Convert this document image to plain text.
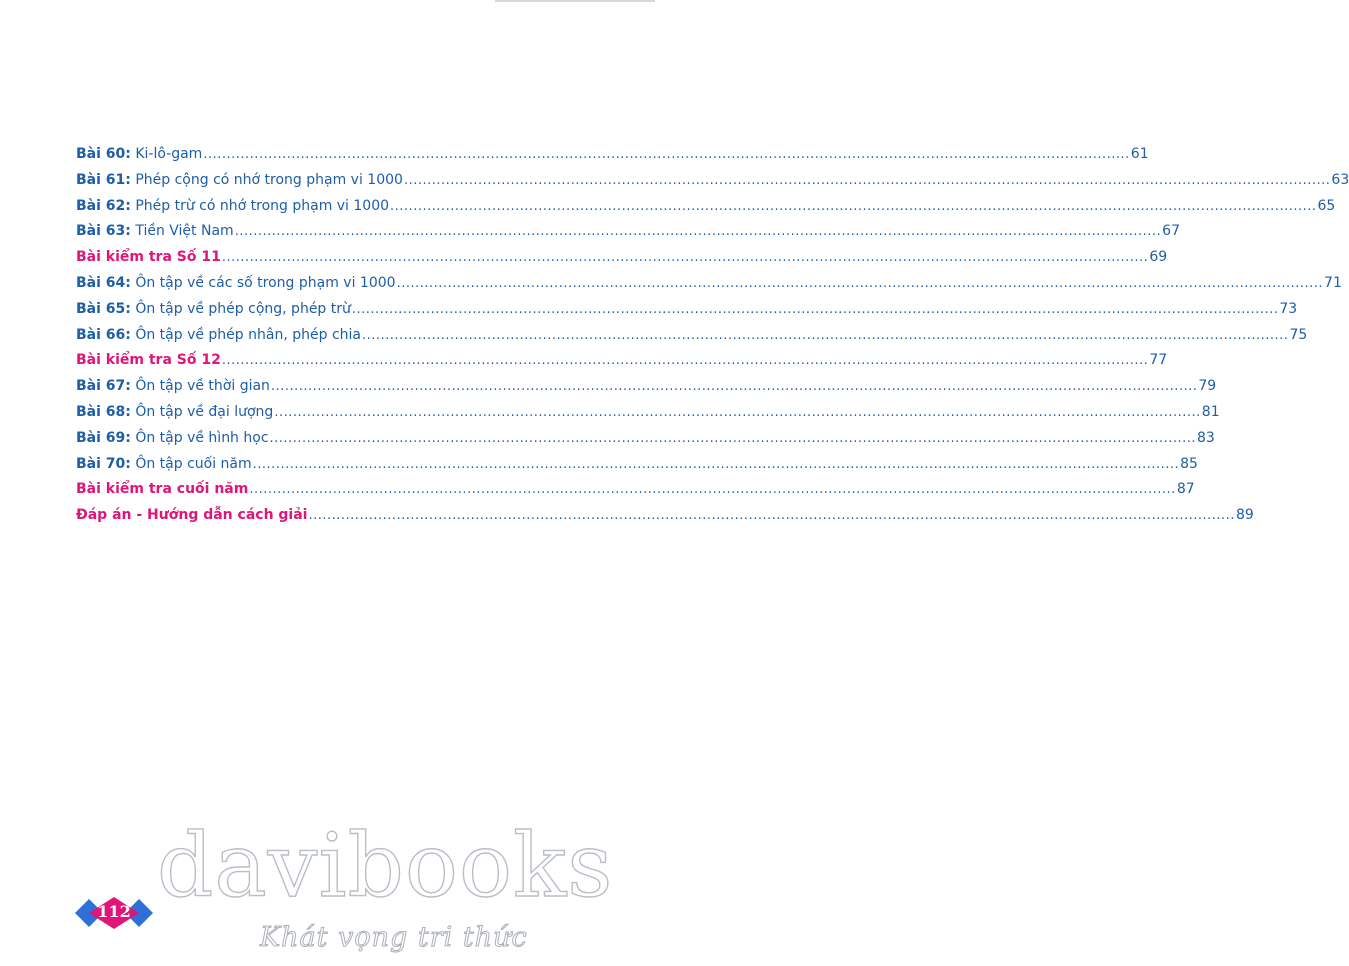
Bài 60: Ki-lô-gam ........................................................................................................................................................................................................ 61
Bài 61: Phép cộng có nhớ trong phạm vi 1000 ........................................................................................................................................................................................................ 63
Bài 62: Phép trừ có nhớ trong phạm vi 1000 ........................................................................................................................................................................................................ 65
Bài 63: Tiền Việt Nam ........................................................................................................................................................................................................ 67
Bài kiểm tra Số 11 ........................................................................................................................................................................................................ 69
Bài 64: Ôn tập về các số trong phạm vi 1000 ........................................................................................................................................................................................................ 71
Bài 65: Ôn tập về phép cộng, phép trừ ........................................................................................................................................................................................................ 73
Bài 66: Ôn tập về phép nhân, phép chia ........................................................................................................................................................................................................ 75
Bài kiểm tra Số 12 ........................................................................................................................................................................................................ 77
Bài 67: Ôn tập về thời gian ........................................................................................................................................................................................................ 79
Bài 68: Ôn tập về đại lượng ........................................................................................................................................................................................................ 81
Bài 69: Ôn tập về hình học ........................................................................................................................................................................................................ 83
Bài 70: Ôn tập cuối năm ........................................................................................................................................................................................................ 85
Bài kiểm tra cuối năm ........................................................................................................................................................................................................ 87
Đáp án - Hướng dẫn cách giải ........................................................................................................................................................................................................ 89
112 davibooks
Khát vọng tri thức
